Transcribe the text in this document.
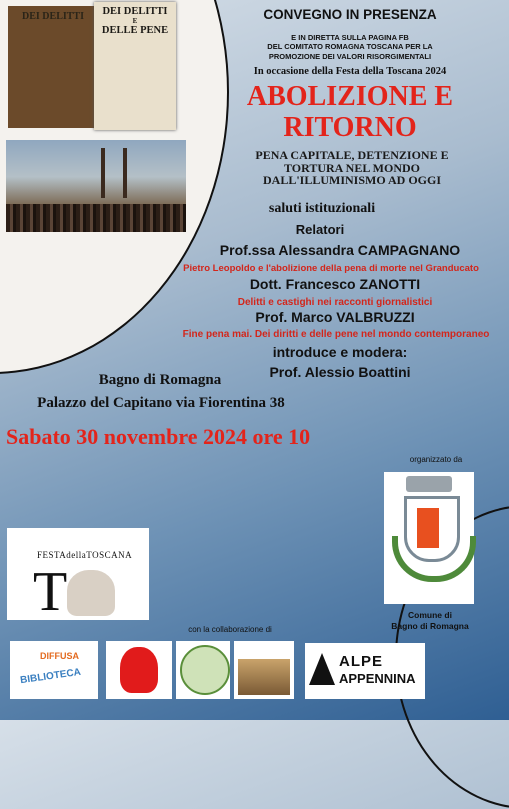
DEI DELITTI	DEI DELITTI
E
DELLE PENE
CONVEGNO IN PRESENZA
E IN DIRETTA SULLA PAGINA FB
DEL COMITATO ROMAGNA TOSCANA PER LA
PROMOZIONE DEI VALORI RISORGIMENTALI
In occasione della Festa della Toscana 2024
ABOLIZIONE E
RITORNO
PENA CAPITALE, DETENZIONE E
TORTURA NEL MONDO
DALL'ILLUMINISMO AD OGGI
saluti istituzionali
Relatori
Prof.ssa Alessandra CAMPAGNANO
Pietro Leopoldo e l'abolizione della pena di morte nel Granducato
Dott. Francesco ZANOTTI
Delitti e castighi nei racconti giornalistici
Prof. Marco VALBRUZZI
Fine pena mai. Dei diritti e delle pene nel mondo contemporaneo
introduce e modera:
Prof. Alessio Boattini
Bagno di Romagna
Palazzo del Capitano via Fiorentina 38
Sabato 30 novembre 2024 ore 10
organizzato da
Comune di
Bagno di Romagna
FESTAdellaTOSCANA
T
con la collaborazione di
DIFFUSA
BIBLIOTECA
ALPE
APPENNINA
